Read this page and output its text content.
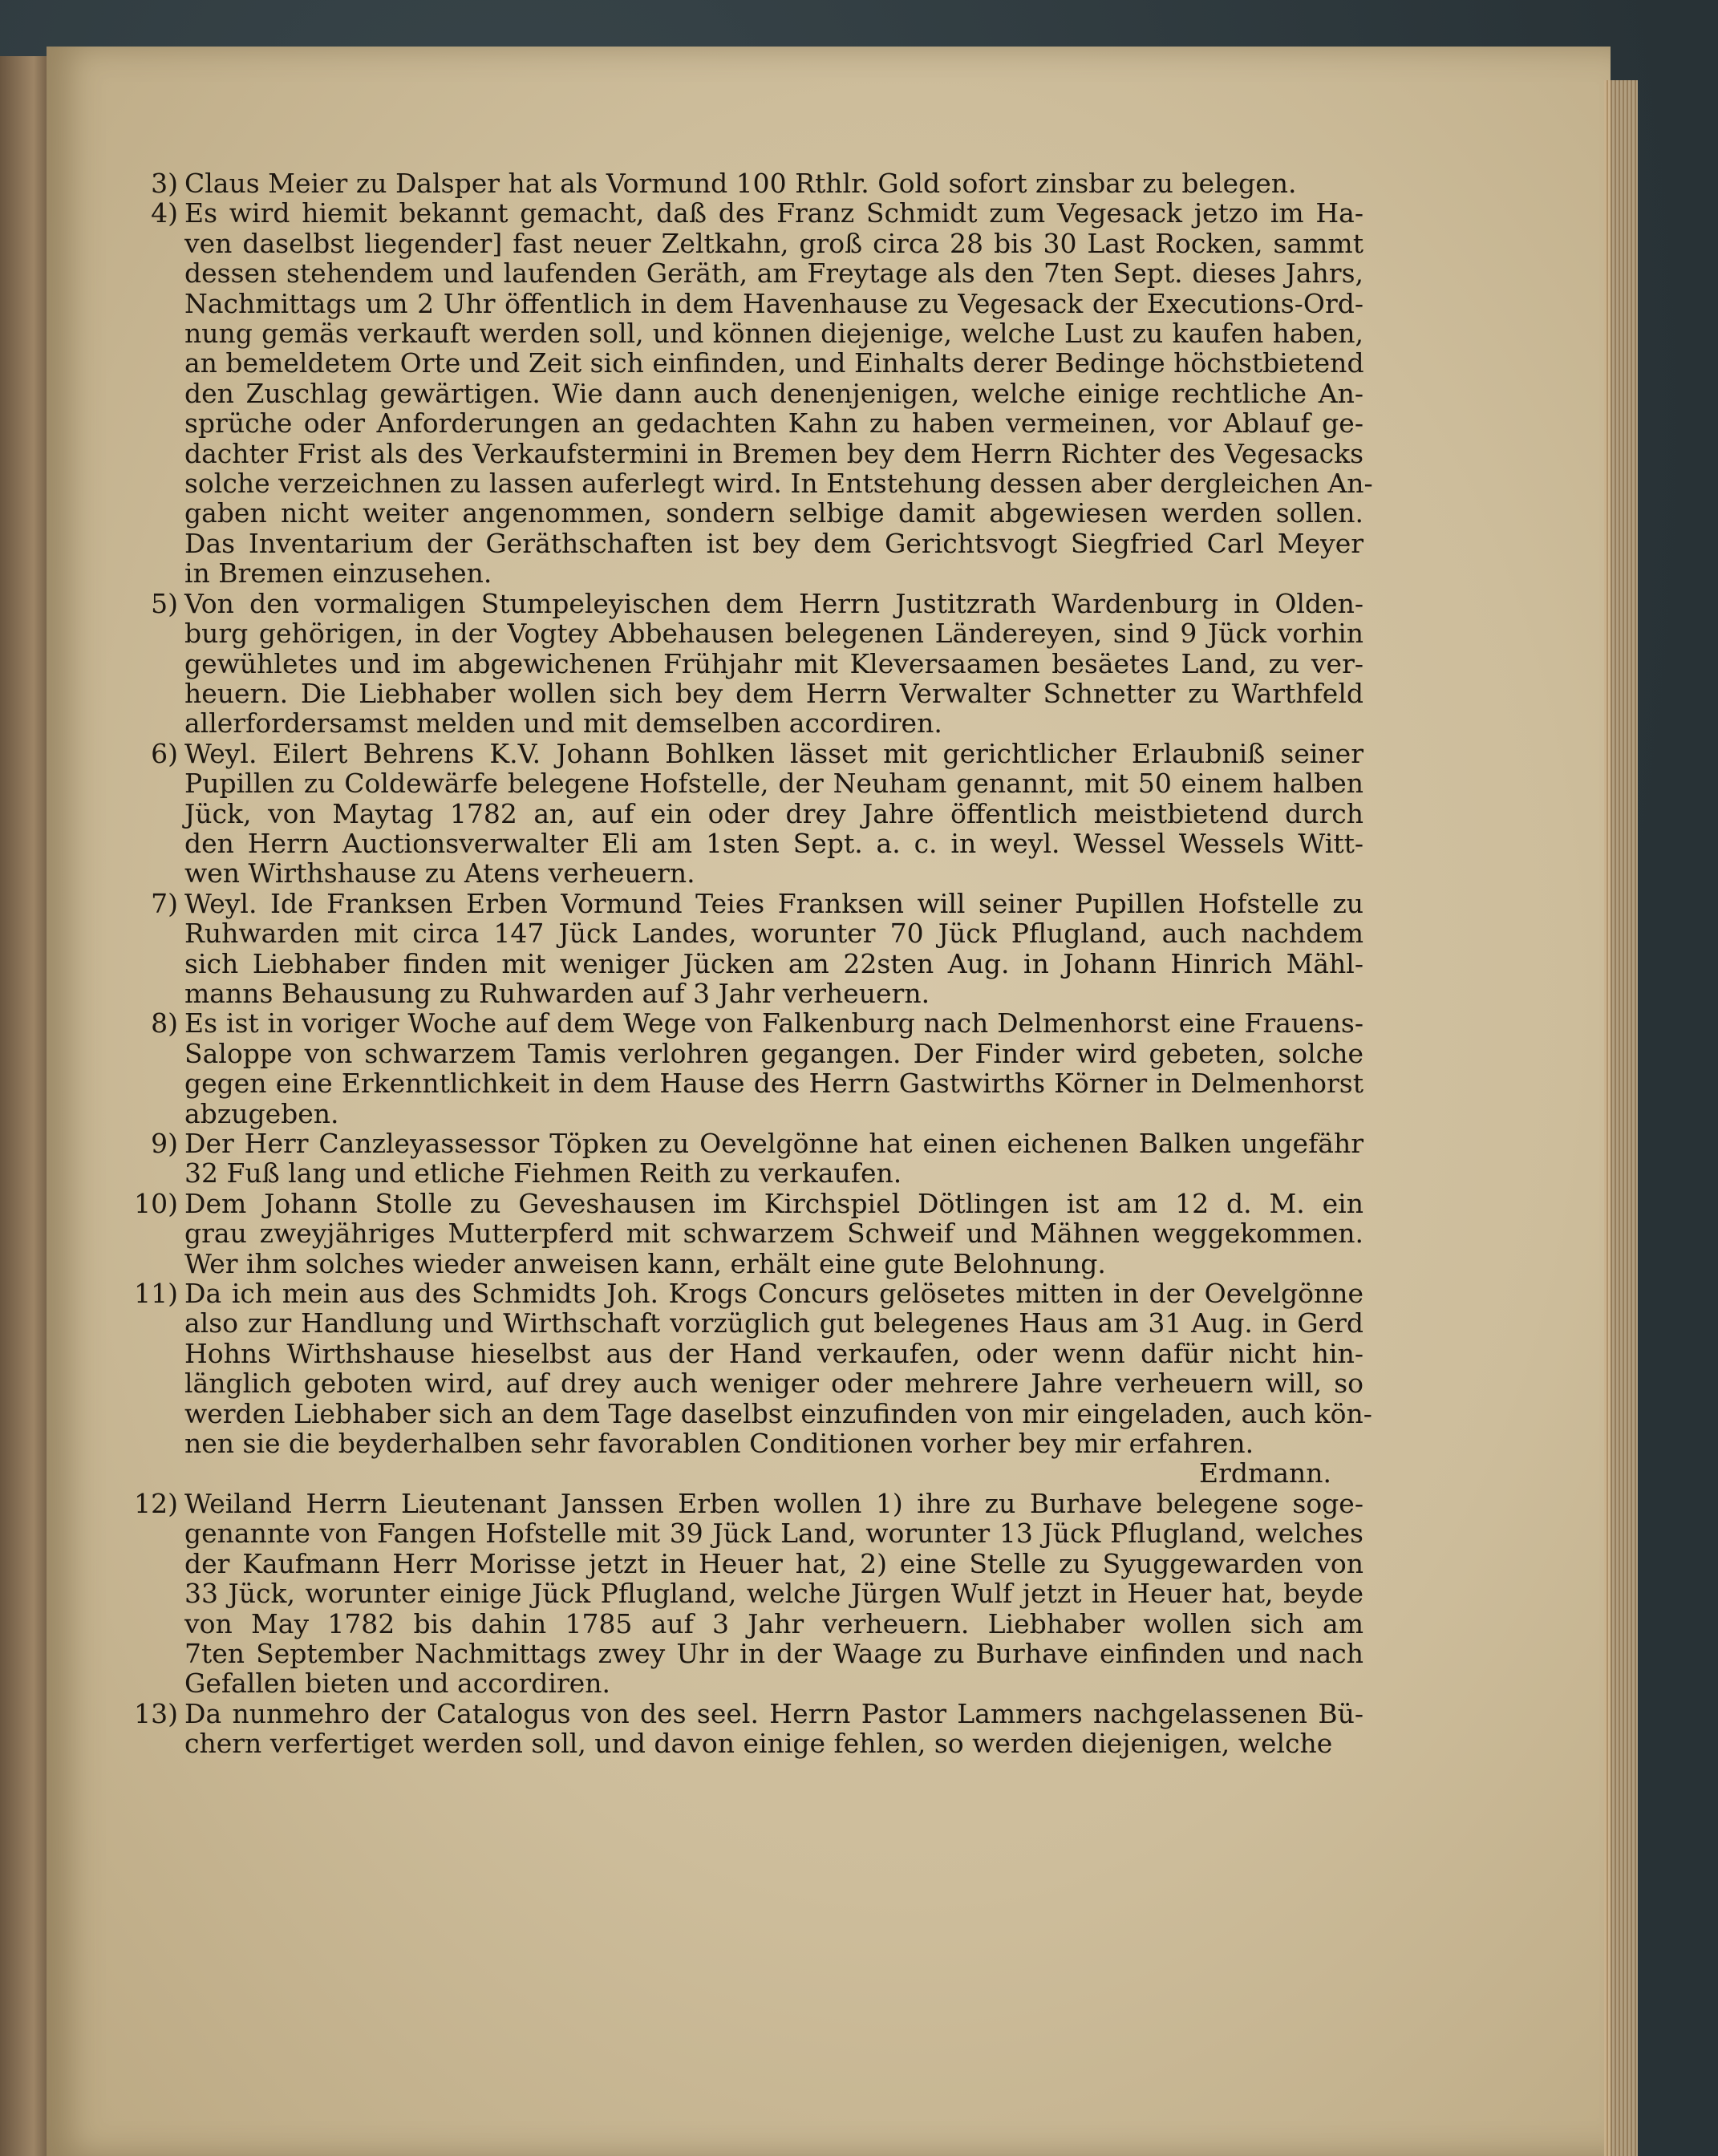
3) Claus Meier zu Dalsper hat als Vormund 100 Rthlr. Gold sofort zinsbar zu belegen.
4) Es wird hiemit bekannt gemacht, daß des Franz Schmidt zum Vegesack jetzo im Ha-
ven daselbst liegender] fast neuer Zeltkahn, groß circa 28 bis 30 Last Rocken, sammt
dessen stehendem und laufenden Geräth, am Freytage als den 7ten Sept. dieses Jahrs,
Nachmittags um 2 Uhr öffentlich in dem Havenhause zu Vegesack der Executions-Ord-
nung gemäs verkauft werden soll, und können diejenige, welche Lust zu kaufen haben,
an bemeldetem Orte und Zeit sich einfinden, und Einhalts derer Bedinge höchstbietend
den Zuschlag gewärtigen. Wie dann auch denenjenigen, welche einige rechtliche An-
sprüche oder Anforderungen an gedachten Kahn zu haben vermeinen, vor Ablauf ge-
dachter Frist als des Verkaufstermini in Bremen bey dem Herrn Richter des Vegesacks
solche verzeichnen zu lassen auferlegt wird. In Entstehung dessen aber dergleichen An-
gaben nicht weiter angenommen, sondern selbige damit abgewiesen werden sollen.
Das Inventarium der Geräthschaften ist bey dem Gerichtsvogt Siegfried Carl Meyer
in Bremen einzusehen.
5) Von den vormaligen Stumpeleyischen dem Herrn Justitzrath Wardenburg in Olden-
burg gehörigen, in der Vogtey Abbehausen belegenen Ländereyen, sind 9 Jück vorhin
gewühletes und im abgewichenen Frühjahr mit Kleversaamen besäetes Land, zu ver-
heuern. Die Liebhaber wollen sich bey dem Herrn Verwalter Schnetter zu Warthfeld
allerfordersamst melden und mit demselben accordiren.
6) Weyl. Eilert Behrens K.V. Johann Bohlken lässet mit gerichtlicher Erlaubniß seiner
Pupillen zu Coldewärfe belegene Hofstelle, der Neuham genannt, mit 50 einem halben
Jück, von Maytag 1782 an, auf ein oder drey Jahre öffentlich meistbietend durch
den Herrn Auctionsverwalter Eli am 1sten Sept. a. c. in weyl. Wessel Wessels Witt-
wen Wirthshause zu Atens verheuern.
7) Weyl. Ide Franksen Erben Vormund Teies Franksen will seiner Pupillen Hofstelle zu
Ruhwarden mit circa 147 Jück Landes, worunter 70 Jück Pflugland, auch nachdem
sich Liebhaber finden mit weniger Jücken am 22sten Aug. in Johann Hinrich Mähl-
manns Behausung zu Ruhwarden auf 3 Jahr verheuern.
8) Es ist in voriger Woche auf dem Wege von Falkenburg nach Delmenhorst eine Frauens-
Saloppe von schwarzem Tamis verlohren gegangen. Der Finder wird gebeten, solche
gegen eine Erkenntlichkeit in dem Hause des Herrn Gastwirths Körner in Delmenhorst
abzugeben.
9) Der Herr Canzleyassessor Töpken zu Oevelgönne hat einen eichenen Balken ungefähr
32 Fuß lang und etliche Fiehmen Reith zu verkaufen.
10) Dem Johann Stolle zu Geveshausen im Kirchspiel Dötlingen ist am 12 d. M. ein
grau zweyjähriges Mutterpferd mit schwarzem Schweif und Mähnen weggekommen.
Wer ihm solches wieder anweisen kann, erhält eine gute Belohnung.
11) Da ich mein aus des Schmidts Joh. Krogs Concurs gelösetes mitten in der Oevelgönne
also zur Handlung und Wirthschaft vorzüglich gut belegenes Haus am 31 Aug. in Gerd
Hohns Wirthshause hieselbst aus der Hand verkaufen, oder wenn dafür nicht hin-
länglich geboten wird, auf drey auch weniger oder mehrere Jahre verheuern will, so
werden Liebhaber sich an dem Tage daselbst einzufinden von mir eingeladen, auch kön-
nen sie die beyderhalben sehr favorablen Conditionen vorher bey mir erfahren.
Erdmann.
12) Weiland Herrn Lieutenant Janssen Erben wollen 1) ihre zu Burhave belegene soge-
genannte von Fangen Hofstelle mit 39 Jück Land, worunter 13 Jück Pflugland, welches
der Kaufmann Herr Morisse jetzt in Heuer hat, 2) eine Stelle zu Syuggewarden von
33 Jück, worunter einige Jück Pflugland, welche Jürgen Wulf jetzt in Heuer hat, beyde
von May 1782 bis dahin 1785 auf 3 Jahr verheuern. Liebhaber wollen sich am
7ten September Nachmittags zwey Uhr in der Waage zu Burhave einfinden und nach
Gefallen bieten und accordiren.
13) Da nunmehro der Catalogus von des seel. Herrn Pastor Lammers nachgelassenen Bü-
chern verfertiget werden soll, und davon einige fehlen, so werden diejenigen, welche
